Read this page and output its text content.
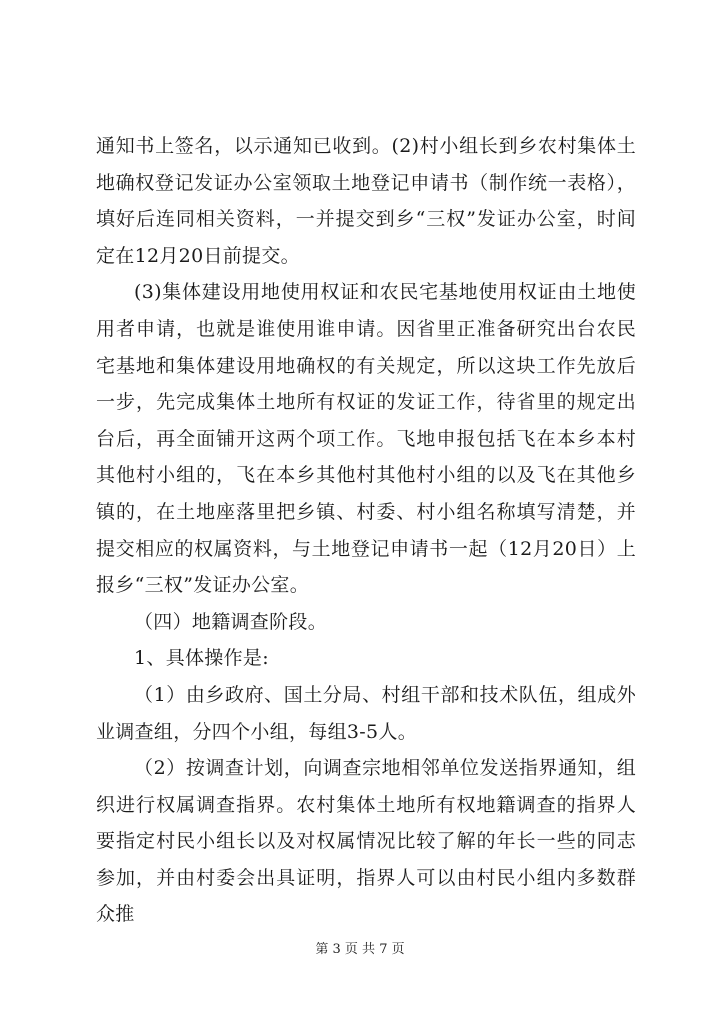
通知书上签名，以示通知已收到。(2)村小组长到乡农村集体土地确权登记发证办公室领取土地登记申请书（制作统一表格），填好后连同相关资料，一并提交到乡“三权”发证办公室，时间定在12月20日前提交。

(3)集体建设用地使用权证和农民宅基地使用权证由土地使用者申请，也就是谁使用谁申请。因省里正准备研究出台农民宅基地和集体建设用地确权的有关规定，所以这块工作先放后一步，先完成集体土地所有权证的发证工作，待省里的规定出台后，再全面铺开这两个项工作。飞地申报包括飞在本乡本村其他村小组的，飞在本乡其他村其他村小组的以及飞在其他乡镇的，在土地座落里把乡镇、村委、村小组名称填写清楚，并提交相应的权属资料，与土地登记申请书一起（12月20日）上报乡“三权”发证办公室。

（四）地籍调查阶段。

1、具体操作是:

（1）由乡政府、国土分局、村组干部和技术队伍，组成外业调查组，分四个小组，每组3-5人。

（2）按调查计划，向调查宗地相邻单位发送指界通知，组织进行权属调查指界。农村集体土地所有权地籍调查的指界人要指定村民小组长以及对权属情况比较了解的年长一些的同志参加，并由村委会出具证明，指界人可以由村民小组内多数群众推

第 3 页 共 7 页
